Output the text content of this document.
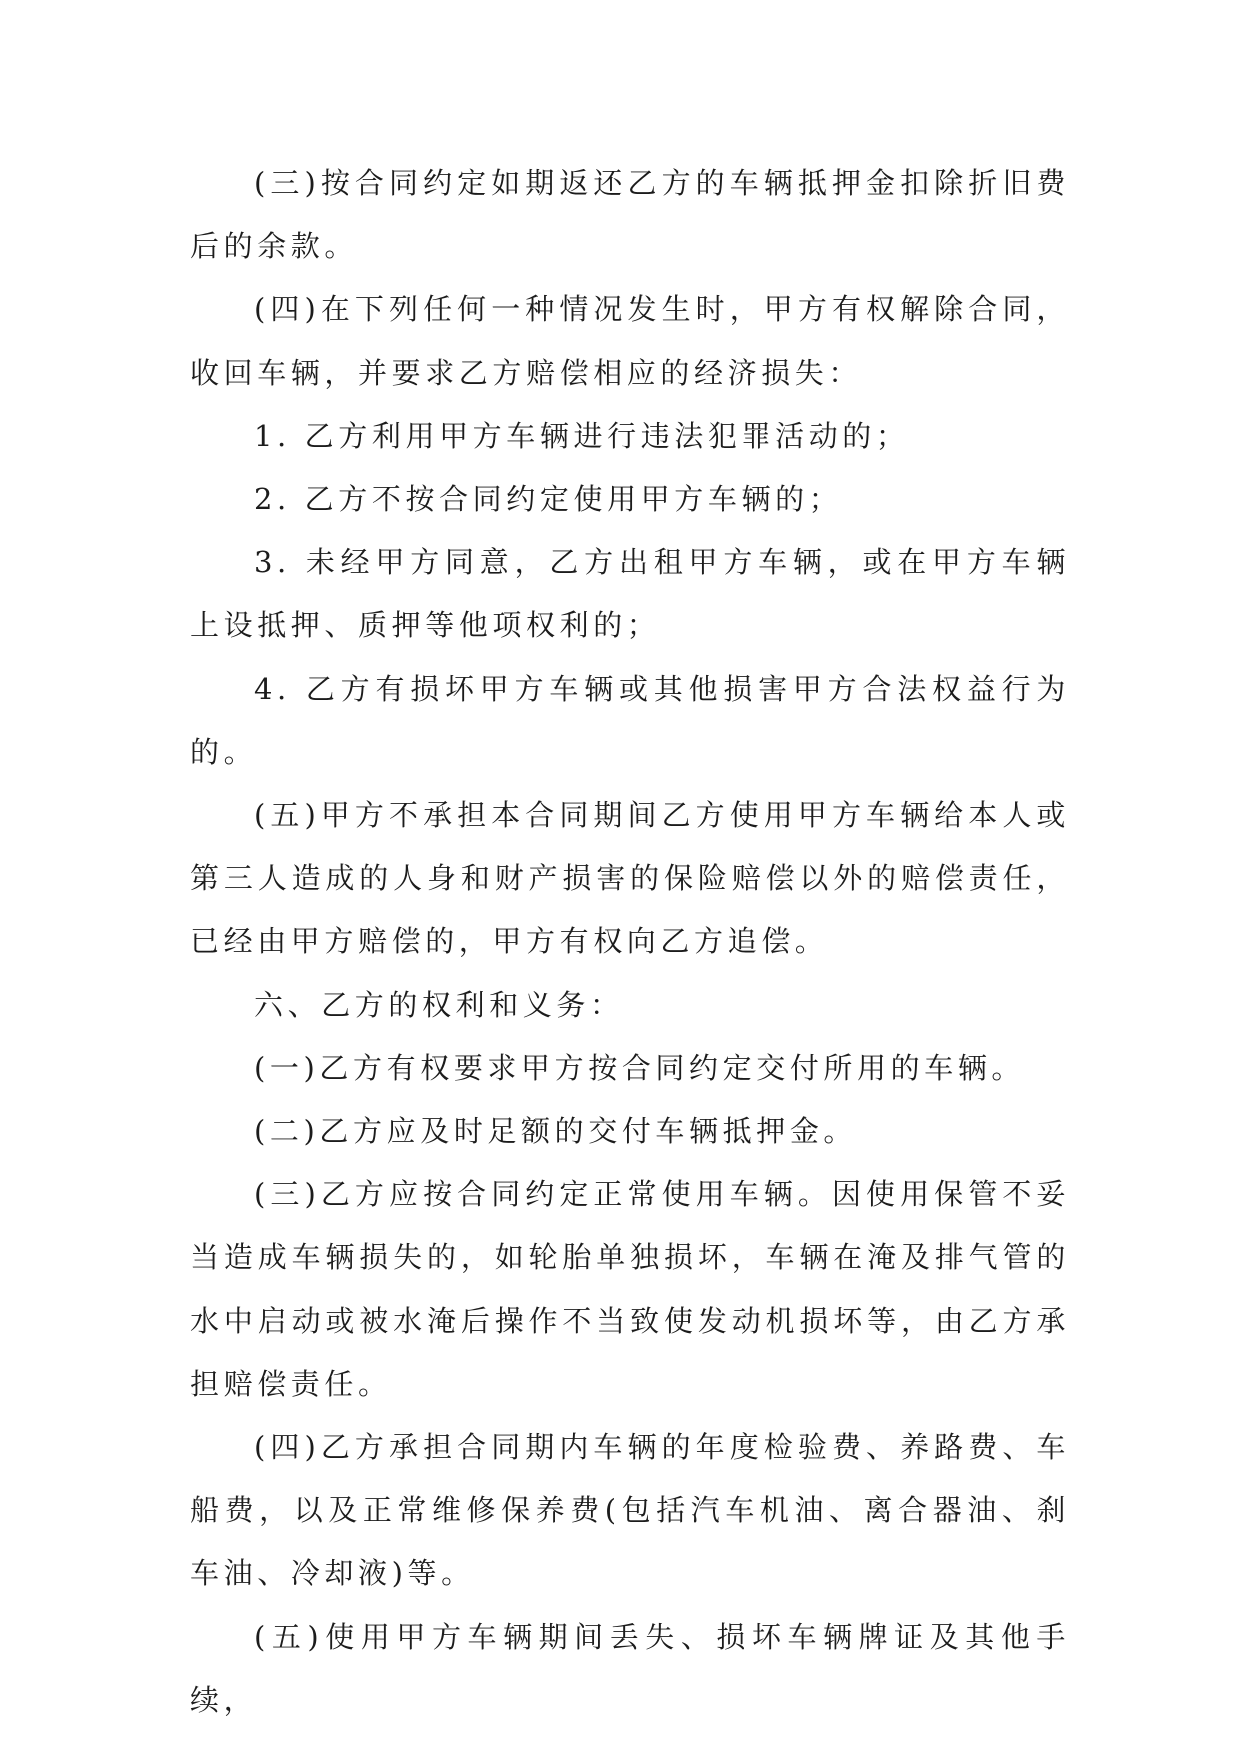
(三)按合同约定如期返还乙方的车辆抵押金扣除折旧费后的余款。

(四)在下列任何一种情况发生时，甲方有权解除合同，收回车辆，并要求乙方赔偿相应的经济损失：

1. 乙方利用甲方车辆进行违法犯罪活动的；

2. 乙方不按合同约定使用甲方车辆的；

3. 未经甲方同意，乙方出租甲方车辆，或在甲方车辆上设抵押、质押等他项权利的；

4. 乙方有损坏甲方车辆或其他损害甲方合法权益行为的。

(五)甲方不承担本合同期间乙方使用甲方车辆给本人或第三人造成的人身和财产损害的保险赔偿以外的赔偿责任，已经由甲方赔偿的，甲方有权向乙方追偿。

六、乙方的权利和义务：

(一)乙方有权要求甲方按合同约定交付所用的车辆。

(二)乙方应及时足额的交付车辆抵押金。

(三)乙方应按合同约定正常使用车辆。因使用保管不妥当造成车辆损失的，如轮胎单独损坏，车辆在淹及排气管的水中启动或被水淹后操作不当致使发动机损坏等，由乙方承担赔偿责任。

(四)乙方承担合同期内车辆的年度检验费、养路费、车船费，以及正常维修保养费(包括汽车机油、离合器油、刹车油、冷却液)等。

(五)使用甲方车辆期间丢失、损坏车辆牌证及其他手续，
